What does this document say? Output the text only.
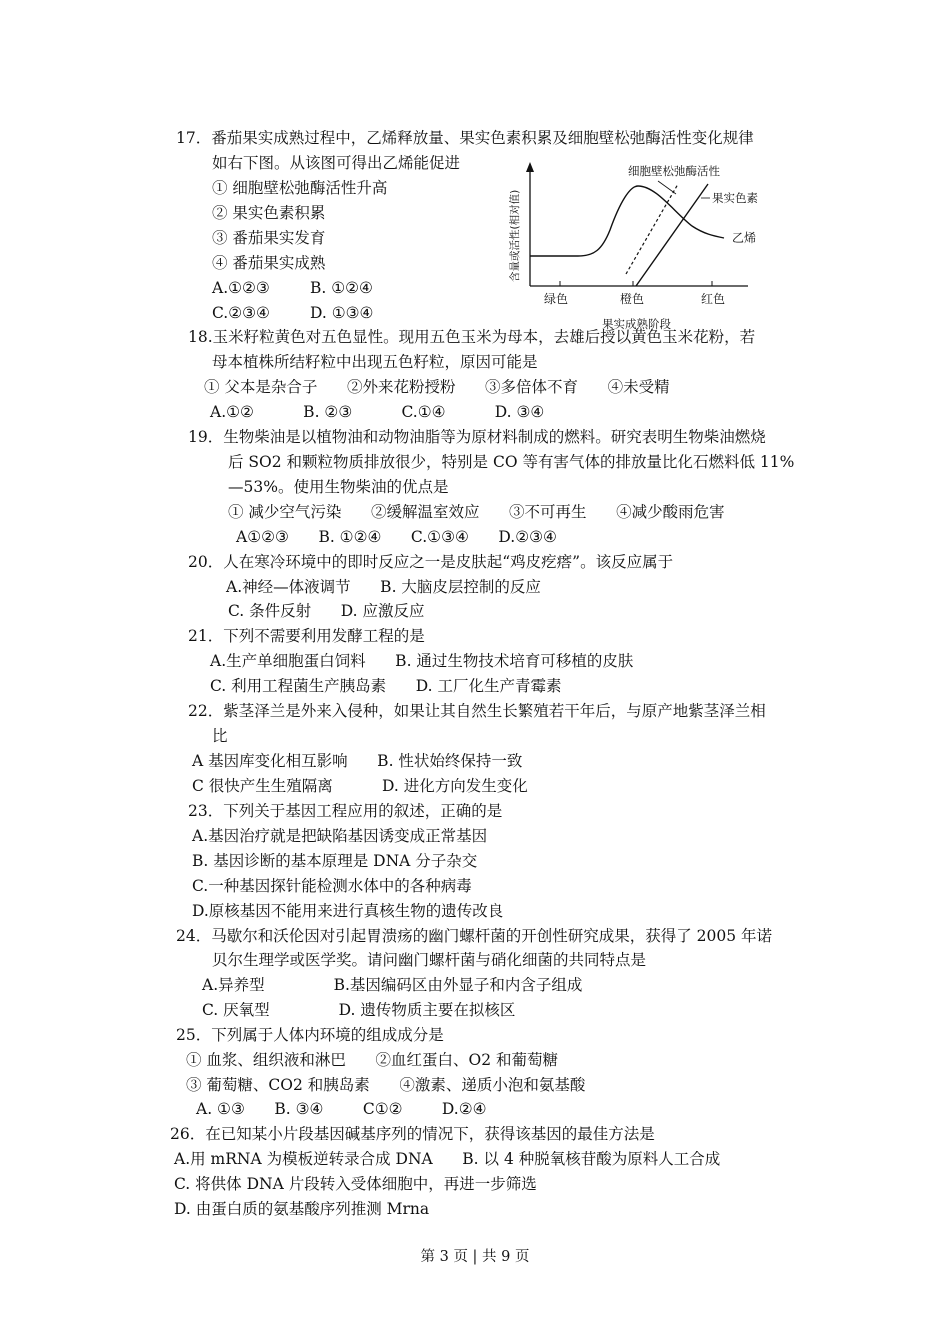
17．番茄果实成熟过程中，乙烯释放量、果实色素积累及细胞壁松弛酶活性变化规律
如右下图。从该图可得出乙烯能促进
① 细胞壁松弛酶活性升高
② 果实色素积累
③ 番茄果实发育
④ 番茄果实成熟
A.①②③	B. ①②④
C.②③④	D. ①③④
细胞壁松弛酶活性
果实色素
乙烯
绿色	橙色	红色
果实成熟阶段
含量或活性(相对值)
18.玉米籽粒黄色对五色显性。现用五色玉米为母本，去雄后授以黄色玉米花粉，若
母本植株所结籽粒中出现五色籽粒，原因可能是
① 父本是杂合子      ②外来花粉授粉      ③多倍体不育      ④未受精
A.①②          B. ②③          C.①④          D. ③④
19．生物柴油是以植物油和动物油脂等为原材料制成的燃料。研究表明生物柴油燃烧
后 SO2 和颗粒物质排放很少，特别是 CO 等有害气体的排放量比化石燃料低 11%
—53%。使用生物柴油的优点是
① 减少空气污染      ②缓解温室效应      ③不可再生      ④减少酸雨危害
A①②③      B. ①②④      C.①③④      D.②③④
20．人在寒冷环境中的即时反应之一是皮肤起“鸡皮疙瘩”。该反应属于
A.神经—体液调节      B. 大脑皮层控制的反应
C. 条件反射      D. 应激反应
21．下列不需要利用发酵工程的是
A.生产单细胞蛋白饲料      B. 通过生物技术培育可移植的皮肤
C. 利用工程菌生产胰岛素      D. 工厂化生产青霉素
22．紫茎泽兰是外来入侵种，如果让其自然生长繁殖若干年后，与原产地紫茎泽兰相
比
A 基因库变化相互影响      B. 性状始终保持一致
C 很快产生生殖隔离          D. 进化方向发生变化
23．下列关于基因工程应用的叙述，正确的是
A.基因治疗就是把缺陷基因诱变成正常基因
B. 基因诊断的基本原理是 DNA 分子杂交
C.一种基因探针能检测水体中的各种病毒
D.原核基因不能用来进行真核生物的遗传改良
24．马歇尔和沃伦因对引起胃溃疡的幽门螺杆菌的开创性研究成果，获得了 2005 年诺
贝尔生理学或医学奖。请问幽门螺杆菌与硝化细菌的共同特点是
A.异养型              B.基因编码区由外显子和内含子组成
C. 厌氧型              D. 遗传物质主要在拟核区
25．下列属于人体内环境的组成成分是
① 血浆、组织液和淋巴      ②血红蛋白、O2 和葡萄糖
③ 葡萄糖、CO2 和胰岛素      ④激素、递质小泡和氨基酸
A. ①③      B. ③④        C①②        D.②④
26．在已知某小片段基因碱基序列的情况下，获得该基因的最佳方法是
A.用 mRNA 为模板逆转录合成 DNA      B. 以 4 种脱氧核苷酸为原料人工合成
C. 将供体 DNA 片段转入受体细胞中，再进一步筛选
D. 由蛋白质的氨基酸序列推测 Mrna
第 3 页 | 共 9 页
